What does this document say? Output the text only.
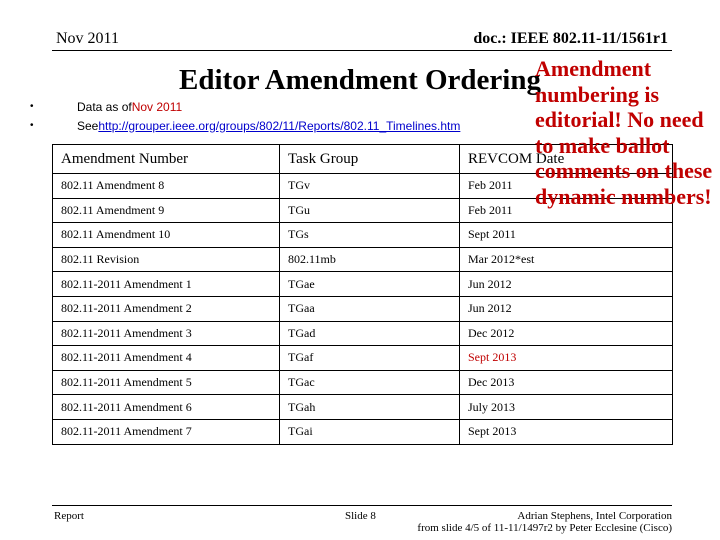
Nov 2011	doc.: IEEE 802.11-11/1561r1
Editor Amendment Ordering
•	Data as of Nov 2011
•	See http://grouper.ieee.org/groups/802/11/Reports/802.11_Timelines.htm
Amendment Number	Task Group	REVCOM Date
802.11 Amendment 8	TGv	Feb 2011
802.11 Amendment 9	TGu	Feb 2011
802.11 Amendment 10	TGs	Sept 2011
802.11 Revision	802.11mb	Mar 2012*est
802.11-2011 Amendment 1	TGae	Jun 2012
802.11-2011 Amendment 2	TGaa	Jun 2012
802.11-2011 Amendment 3	TGad	Dec 2012
802.11-2011 Amendment 4	TGaf	Sept 2013
802.11-2011 Amendment 5	TGac	Dec 2013
802.11-2011 Amendment 6	TGah	July 2013
802.11-2011 Amendment 7	TGai	Sept 2013
Amendment numbering is editorial! No need to make ballot comments on these dynamic numbers!
Report	Slide 8	Adrian Stephens, Intel Corporation
from slide 4/5 of 11-11/1497r2 by Peter Ecclesine (Cisco)
